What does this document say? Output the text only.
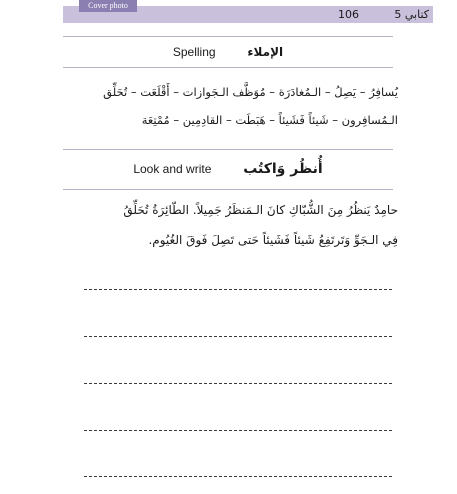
106	كتابي 5
Cover photo
Spelling	الإملاء
يُسافِرُ – يَصِلُ – الـمُغادَرَة – مُوَظَّف الـجَوازات – أَقْلَعَت – تُحَلِّق
الـمُسافِرون – شَيئاً فَشَيئاً – هَبَطَت – القادِمِين – مُمْتِعَة
Look and write أُنظُر وَاكتُب
حامِدٌ يَنظُرُ مِنَ الشُّبّاكِ كانَ الـمَنظَرُ جَمِيلاً. الطّائِرَةُ تُحَلِّقُ
فِي الـجَوِّ وَتَرتَفِعُ شَيئاً فَشَيئاً حَتى تَصِلَ فَوقَ الغُيُوم.
